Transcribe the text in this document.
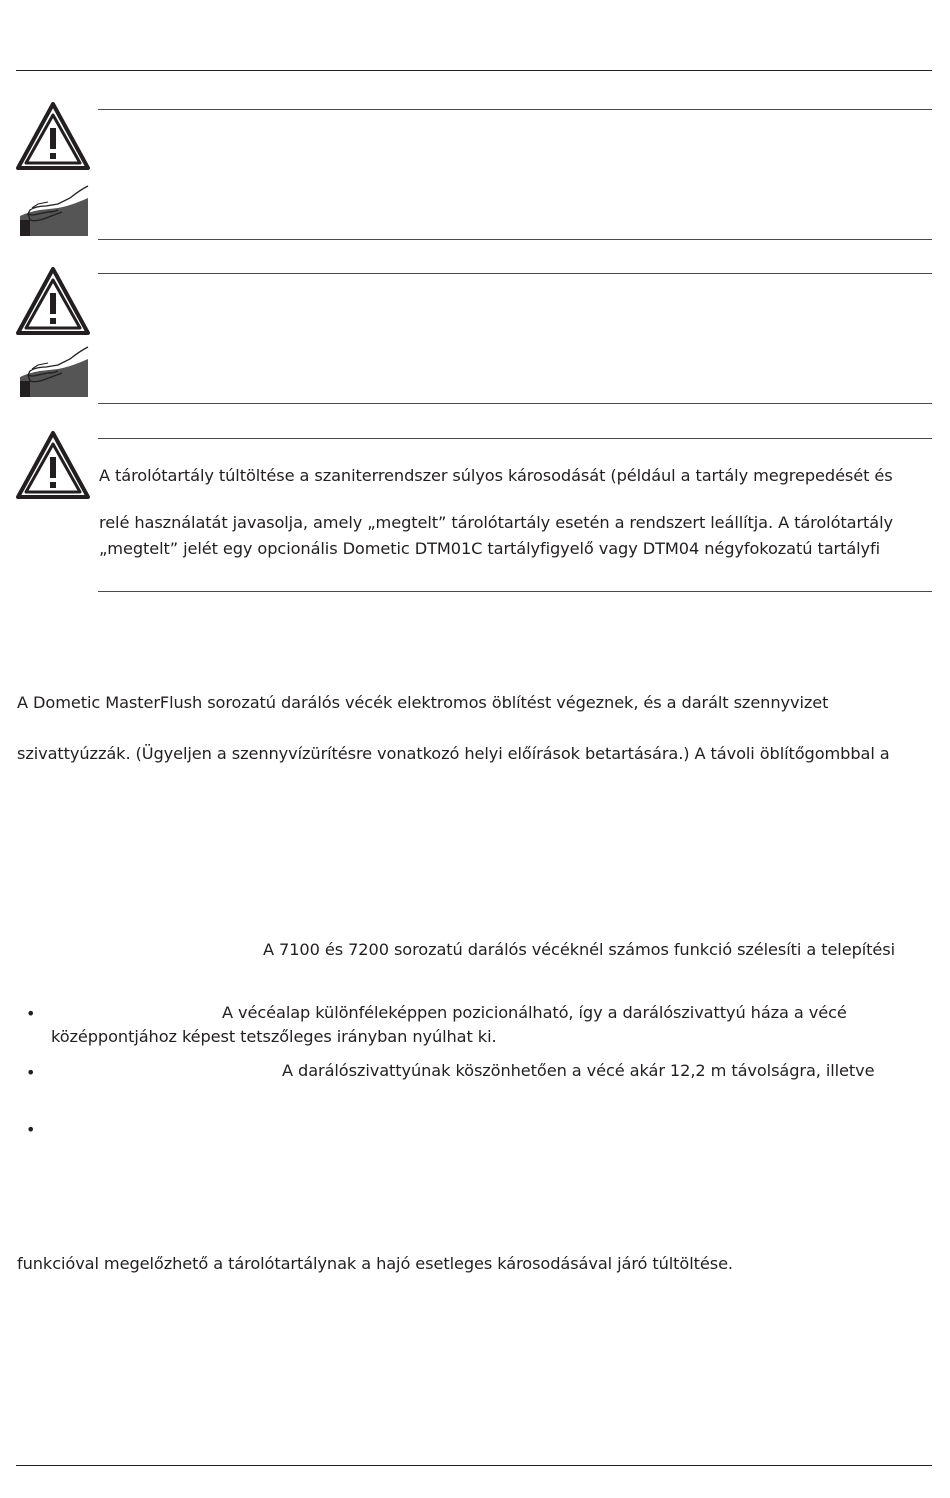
A tárolótartály túltöltése a szaniterrendszer súlyos károsodását (például a tartály megrepedését és
relé használatát javasolja, amely „megtelt” tárolótartály esetén a rendszert leállítja. A tárolótartály
„megtelt” jelét egy opcionális Dometic DTM01C tartályfigyelő vagy DTM04 négyfokozatú tartályfi
A Dometic MasterFlush sorozatú darálós vécék elektromos öblítést végeznek, és a darált szennyvizet
szivattyúzzák. (Ügyeljen a szennyvízürítésre vonatkozó helyi előírások betartására.) A távoli öblítőgombbal a
A 7100 és 7200 sorozatú darálós vécéknél számos funkció szélesíti a telepítési
•	A vécéalap különféleképpen pozicionálható, így a darálószivattyú háza a vécé
középpontjához képest tetszőleges irányban nyúlhat ki.
•	A darálószivattyúnak köszönhetően a vécé akár 12,2 m távolságra, illetve
•
funkcióval megelőzhető a tárolótartálynak a hajó esetleges károsodásával járó túltöltése.
